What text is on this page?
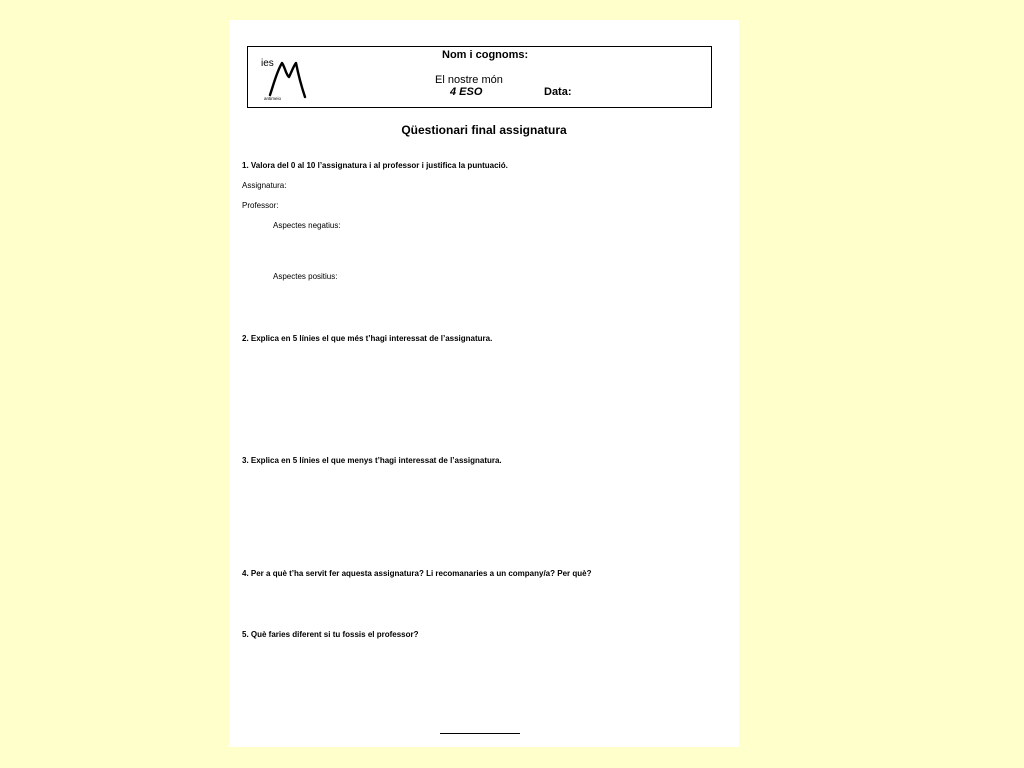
ies
antimeio
Nom i cognoms:
El nostre món
4 ESO	Data:
Qüestionari final assignatura
1. Valora del 0 al 10 l’assignatura i al professor i justifica la puntuació.
Assignatura:
Professor:
Aspectes negatius:
Aspectes positius:
2. Explica en 5 línies el que més t’hagi interessat de l’assignatura.
3. Explica en 5 línies el que menys t’hagi interessat de l’assignatura.
4. Per a què t’ha servit fer aquesta assignatura? Li recomanaries a un company/a? Per què?
5. Què faries diferent si tu fossis el professor?
